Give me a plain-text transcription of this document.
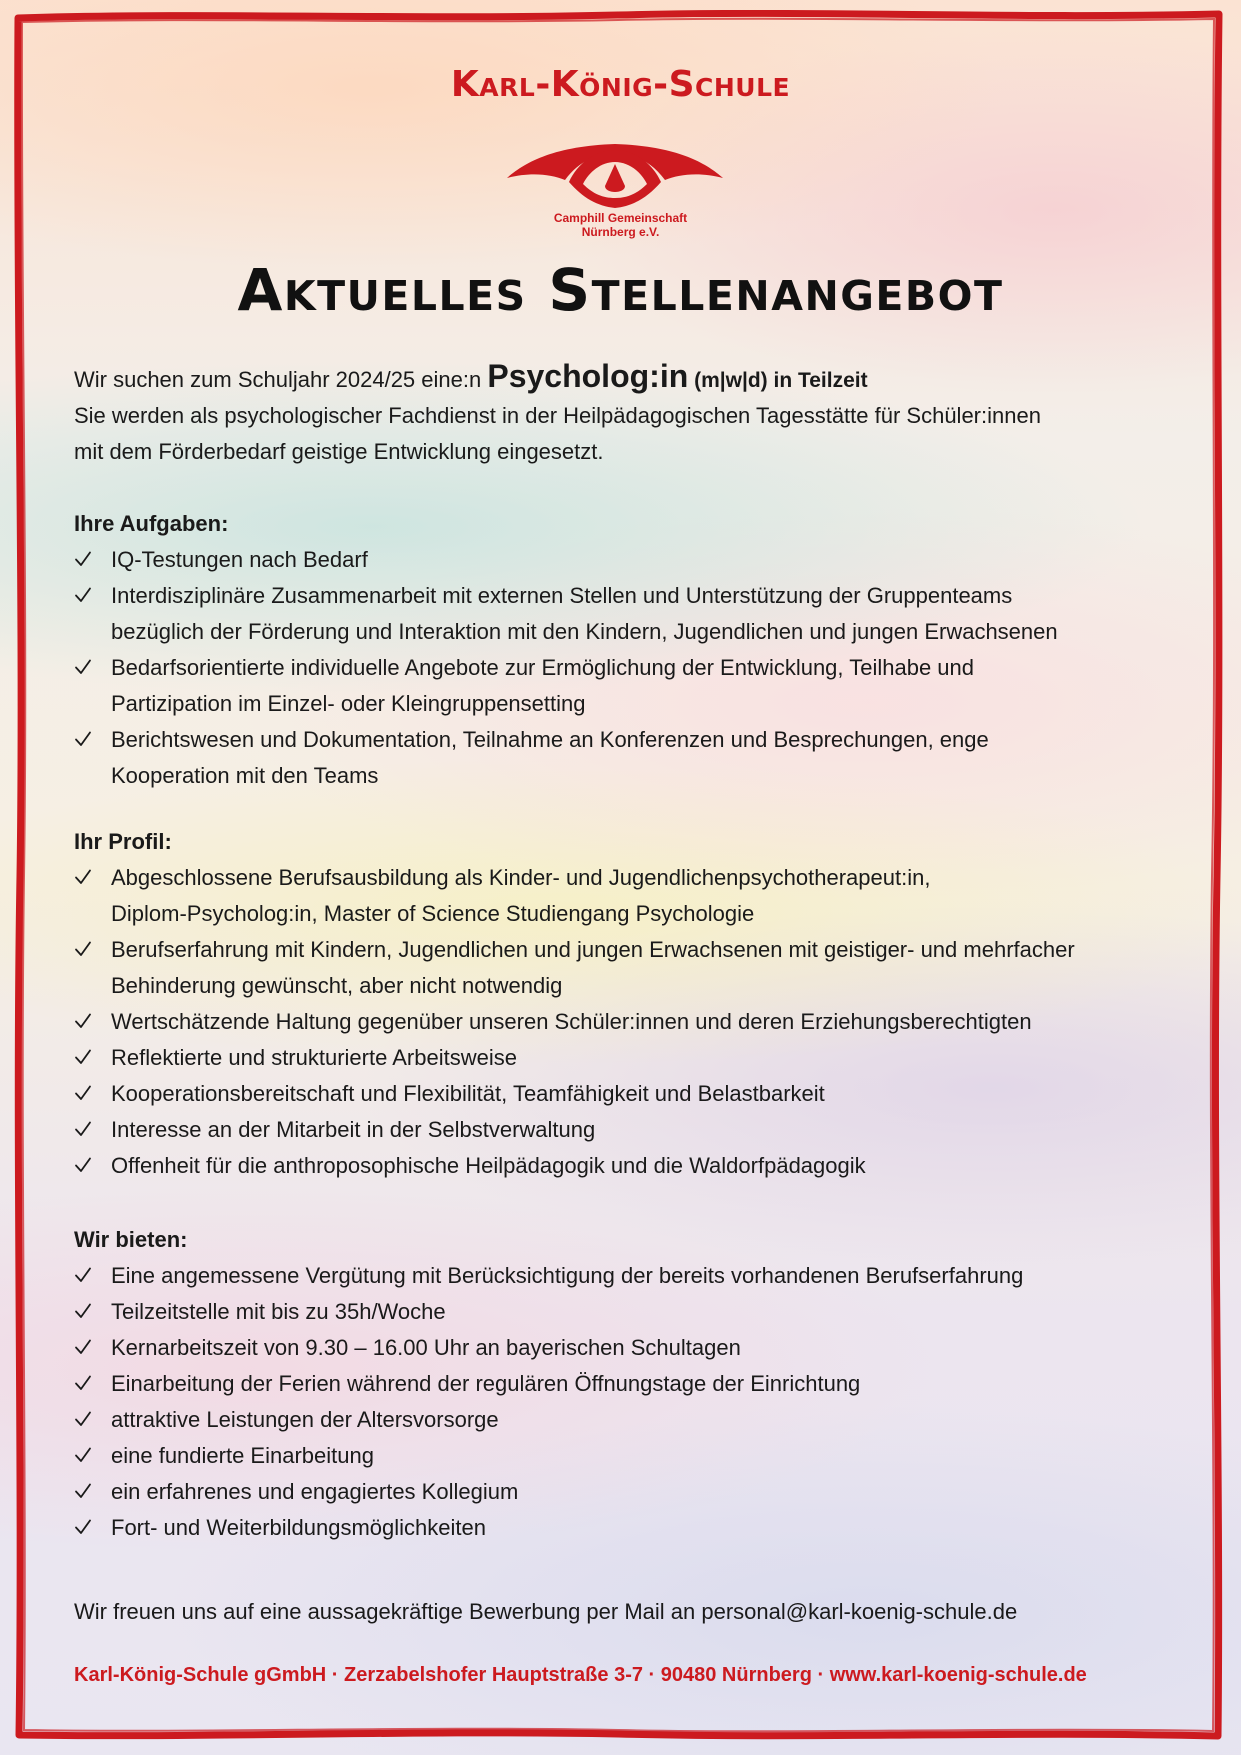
Karl-König-Schule
Camphill Gemeinschaft
Nürnberg e.V.
Aktuelles Stellenangebot
Wir suchen zum Schuljahr 2024/25 eine:n Psycholog:in (m|w|d) in Teilzeit
Sie werden als psychologischer Fachdienst in der Heilpädagogischen Tagesstätte für Schüler:innen
mit dem Förderbedarf geistige Entwicklung eingesetzt.
Ihre Aufgaben:
IQ-Testungen nach Bedarf
Interdisziplinäre Zusammenarbeit mit externen Stellen und Unterstützung der Gruppenteams
bezüglich der Förderung und Interaktion mit den Kindern, Jugendlichen und jungen Erwachsenen
Bedarfsorientierte individuelle Angebote zur Ermöglichung der Entwicklung, Teilhabe und
Partizipation im Einzel- oder Kleingruppensetting
Berichtswesen und Dokumentation, Teilnahme an Konferenzen und Besprechungen, enge
Kooperation mit den Teams
Ihr Profil:
Abgeschlossene Berufsausbildung als Kinder- und Jugendlichenpsychotherapeut:in,
Diplom-Psycholog:in, Master of Science Studiengang Psychologie
Berufserfahrung mit Kindern, Jugendlichen und jungen Erwachsenen mit geistiger- und mehrfacher
Behinderung gewünscht, aber nicht notwendig
Wertschätzende Haltung gegenüber unseren Schüler:innen und deren Erziehungsberechtigten
Reflektierte und strukturierte Arbeitsweise
Kooperationsbereitschaft und Flexibilität, Teamfähigkeit und Belastbarkeit
Interesse an der Mitarbeit in der Selbstverwaltung
Offenheit für die anthroposophische Heilpädagogik und die Waldorfpädagogik
Wir bieten:
Eine angemessene Vergütung mit Berücksichtigung der bereits vorhandenen Berufserfahrung
Teilzeitstelle mit bis zu 35h/Woche
Kernarbeitszeit von 9.30 – 16.00 Uhr an bayerischen Schultagen
Einarbeitung der Ferien während der regulären Öffnungstage der Einrichtung
attraktive Leistungen der Altersvorsorge
eine fundierte Einarbeitung
ein erfahrenes und engagiertes Kollegium
Fort- und Weiterbildungsmöglichkeiten
Wir freuen uns auf eine aussagekräftige Bewerbung per Mail an personal@karl-koenig-schule.de
Karl-König-Schule gGmbH · Zerzabelshofer Hauptstraße 3-7 · 90480 Nürnberg · www.karl-koenig-schule.de
